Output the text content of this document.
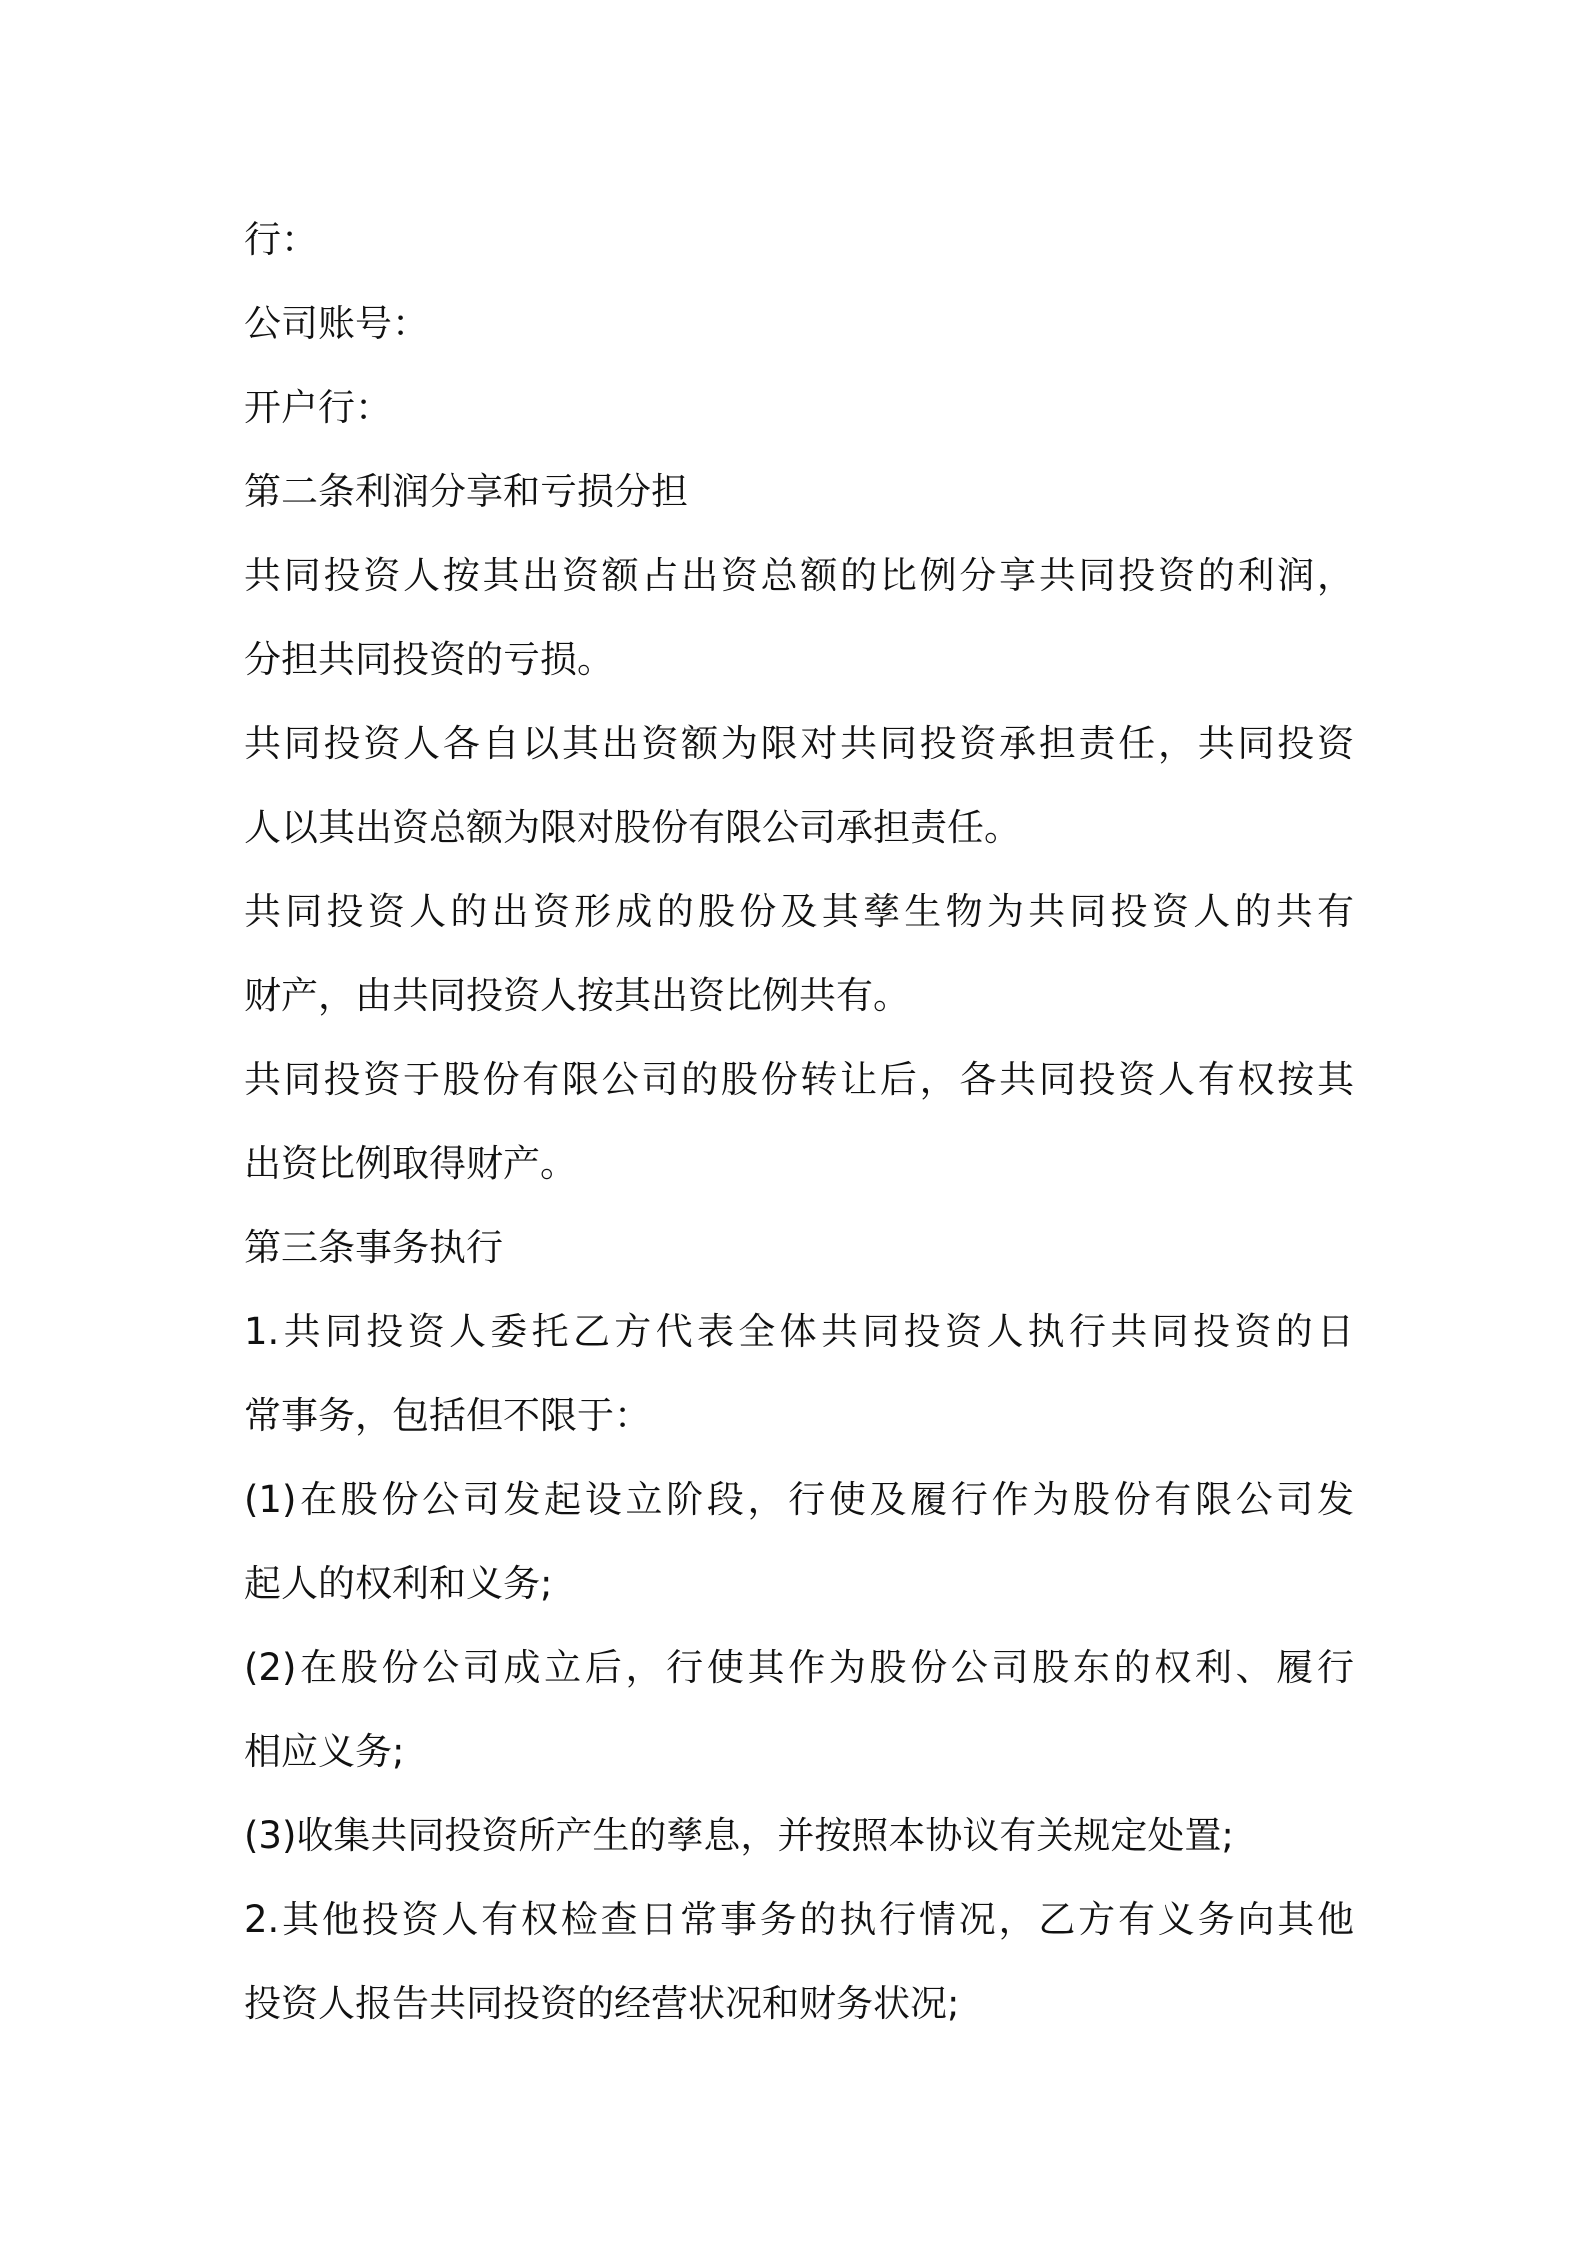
行：

公司账号：

开户行：

第二条利润分享和亏损分担

共同投资人按其出资额占出资总额的比例分享共同投资的利润，

分担共同投资的亏损。

共同投资人各自以其出资额为限对共同投资承担责任，共同投资

人以其出资总额为限对股份有限公司承担责任。

共同投资人的出资形成的股份及其孳生物为共同投资人的共有

财产，由共同投资人按其出资比例共有。

共同投资于股份有限公司的股份转让后，各共同投资人有权按其

出资比例取得财产。

第三条事务执行

1.共同投资人委托乙方代表全体共同投资人执行共同投资的日

常事务，包括但不限于：

(1)在股份公司发起设立阶段，行使及履行作为股份有限公司发

起人的权利和义务;

(2)在股份公司成立后，行使其作为股份公司股东的权利、履行

相应义务;

(3)收集共同投资所产生的孳息，并按照本协议有关规定处置;

2.其他投资人有权检查日常事务的执行情况，乙方有义务向其他

投资人报告共同投资的经营状况和财务状况;
